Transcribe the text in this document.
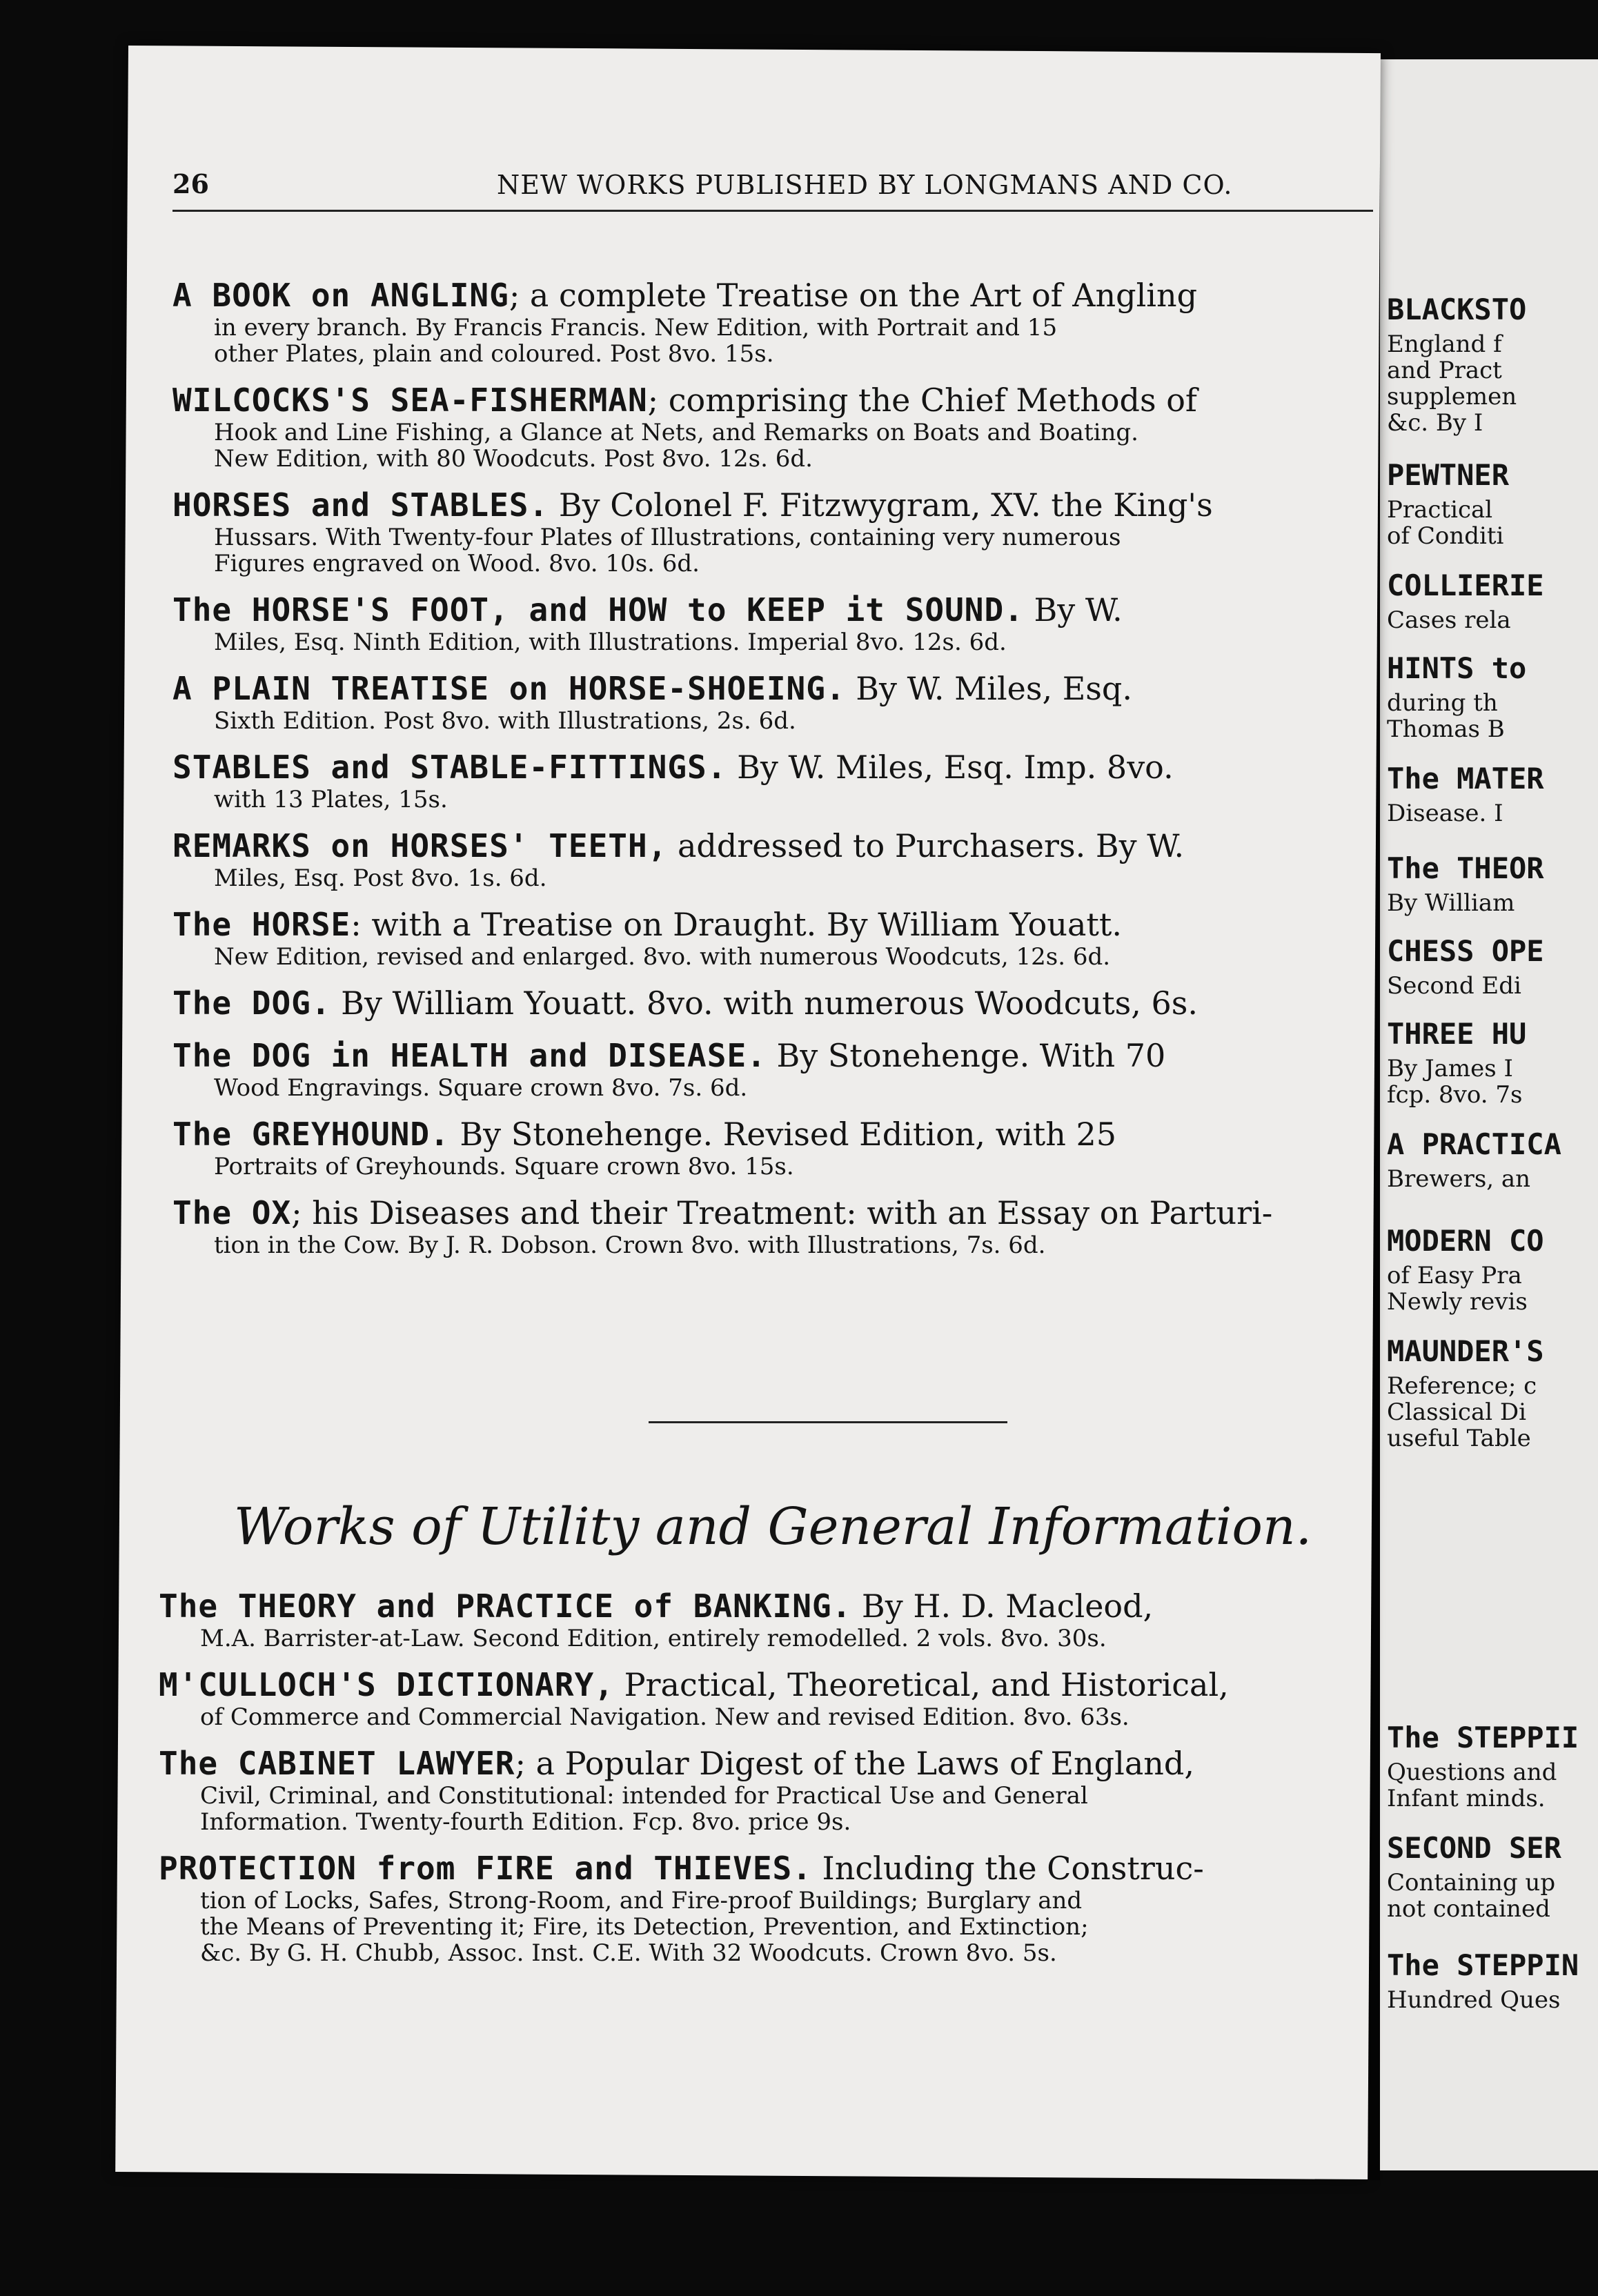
BLACKSTO
England f
and Pract
supplemen
&c. By I
PEWTNER
Practical
of Conditi
COLLIERIE
Cases rela
HINTS to
during th
Thomas B
The MATER
Disease. I
The THEOR
By William
CHESS OPE
Second Edi
THREE HU
By James I
fcp. 8vo. 7s
A PRACTICA
Brewers, an
MODERN CO
of Easy Pra
Newly revis
MAUNDER'S
Reference; c
Classical Di
useful Table
The STEPPII
Questions and
Infant minds.
SECOND SER
Containing up
not contained
The STEPPIN
Hundred Ques
26	NEW WORKS PUBLISHED BY LONGMANS AND CO.
A BOOK on ANGLING; a complete Treatise on the Art of Angling
in every branch. By Francis Francis. New Edition, with Portrait and 15
other Plates, plain and coloured. Post 8vo. 15s.
WILCOCKS'S SEA-FISHERMAN; comprising the Chief Methods of
Hook and Line Fishing, a Glance at Nets, and Remarks on Boats and Boating.
New Edition, with 80 Woodcuts. Post 8vo. 12s. 6d.
HORSES and STABLES. By Colonel F. Fitzwygram, XV. the King's
Hussars. With Twenty-four Plates of Illustrations, containing very numerous
Figures engraved on Wood. 8vo. 10s. 6d.
The HORSE'S FOOT, and HOW to KEEP it SOUND. By W.
Miles, Esq. Ninth Edition, with Illustrations. Imperial 8vo. 12s. 6d.
A PLAIN TREATISE on HORSE-SHOEING. By W. Miles, Esq.
Sixth Edition. Post 8vo. with Illustrations, 2s. 6d.
STABLES and STABLE-FITTINGS. By W. Miles, Esq. Imp. 8vo.
with 13 Plates, 15s.
REMARKS on HORSES' TEETH, addressed to Purchasers. By W.
Miles, Esq. Post 8vo. 1s. 6d.
The HORSE: with a Treatise on Draught. By William Youatt.
New Edition, revised and enlarged. 8vo. with numerous Woodcuts, 12s. 6d.
The DOG. By William Youatt. 8vo. with numerous Woodcuts, 6s.
The DOG in HEALTH and DISEASE. By Stonehenge. With 70
Wood Engravings. Square crown 8vo. 7s. 6d.
The GREYHOUND. By Stonehenge. Revised Edition, with 25
Portraits of Greyhounds. Square crown 8vo. 15s.
The OX; his Diseases and their Treatment: with an Essay on Parturi-
tion in the Cow. By J. R. Dobson. Crown 8vo. with Illustrations, 7s. 6d.
Works of Utility and General Information.
The THEORY and PRACTICE of BANKING. By H. D. Macleod,
M.A. Barrister-at-Law. Second Edition, entirely remodelled. 2 vols. 8vo. 30s.
M'CULLOCH'S DICTIONARY, Practical, Theoretical, and Historical,
of Commerce and Commercial Navigation. New and revised Edition. 8vo. 63s.
The CABINET LAWYER; a Popular Digest of the Laws of England,
Civil, Criminal, and Constitutional: intended for Practical Use and General
Information. Twenty-fourth Edition. Fcp. 8vo. price 9s.
PROTECTION from FIRE and THIEVES. Including the Construc-
tion of Locks, Safes, Strong-Room, and Fire-proof Buildings; Burglary and
the Means of Preventing it; Fire, its Detection, Prevention, and Extinction;
&c. By G. H. Chubb, Assoc. Inst. C.E. With 32 Woodcuts. Crown 8vo. 5s.
